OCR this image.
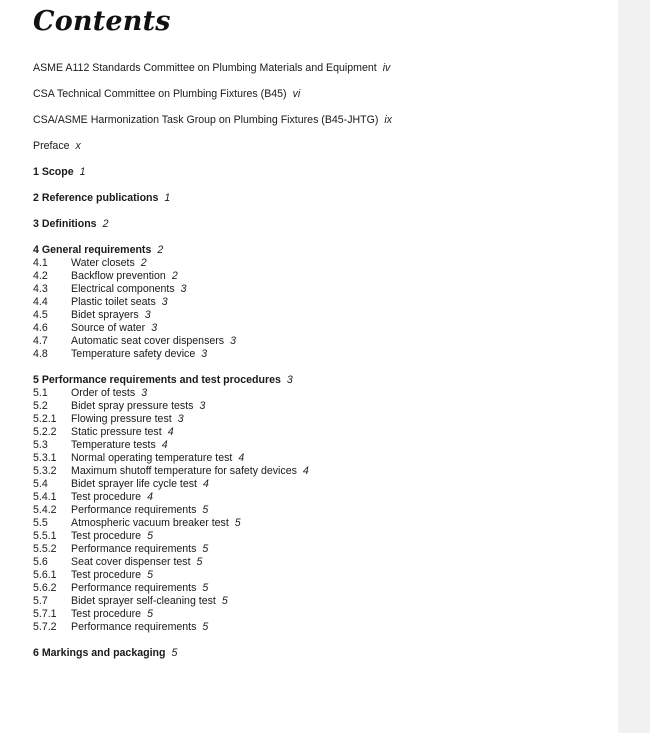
Contents
ASME A112 Standards Committee on Plumbing Materials and Equipment iv
CSA Technical Committee on Plumbing Fixtures (B45) vi
CSA/ASME Harmonization Task Group on Plumbing Fixtures (B45-JHTG) ix
Preface x
1 Scope 1
2 Reference publications 1
3 Definitions 2
4 General requirements 2
4.1	Water closets 2
4.2	Backflow prevention 2
4.3	Electrical components 3
4.4	Plastic toilet seats 3
4.5	Bidet sprayers 3
4.6	Source of water 3
4.7	Automatic seat cover dispensers 3
4.8	Temperature safety device 3
5 Performance requirements and test procedures 3
5.1	Order of tests 3
5.2	Bidet spray pressure tests 3
5.2.1	Flowing pressure test 3
5.2.2	Static pressure test 4
5.3	Temperature tests 4
5.3.1	Normal operating temperature test 4
5.3.2	Maximum shutoff temperature for safety devices 4
5.4	Bidet sprayer life cycle test 4
5.4.1	Test procedure 4
5.4.2	Performance requirements 5
5.5	Atmospheric vacuum breaker test 5
5.5.1	Test procedure 5
5.5.2	Performance requirements 5
5.6	Seat cover dispenser test 5
5.6.1	Test procedure 5
5.6.2	Performance requirements 5
5.7	Bidet sprayer self-cleaning test 5
5.7.1	Test procedure 5
5.7.2	Performance requirements 5
6 Markings and packaging 5
